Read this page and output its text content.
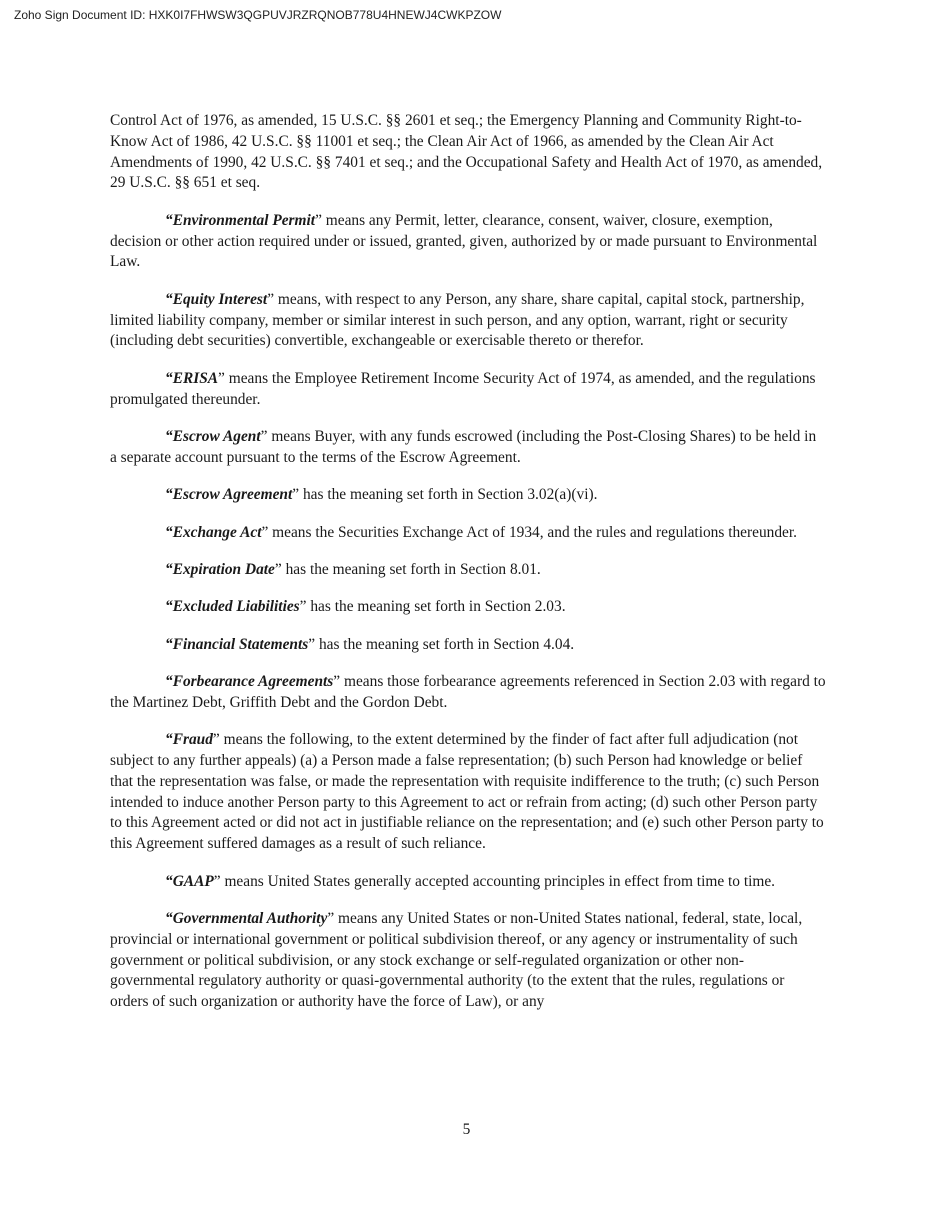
Zoho Sign Document ID: HXK0I7FHWSW3QGPUVJRZRQNOB778U4HNEWJ4CWKPZOW

Control Act of 1976, as amended, 15 U.S.C. §§ 2601 et seq.; the Emergency Planning and Community Right-to-Know Act of 1986, 42 U.S.C. §§ 11001 et seq.; the Clean Air Act of 1966, as amended by the Clean Air Act Amendments of 1990, 42 U.S.C. §§ 7401 et seq.; and the Occupational Safety and Health Act of 1970, as amended, 29 U.S.C. §§ 651 et seq.

“Environmental Permit” means any Permit, letter, clearance, consent, waiver, closure, exemption, decision or other action required under or issued, granted, given, authorized by or made pursuant to Environmental Law.

“Equity Interest” means, with respect to any Person, any share, share capital, capital stock, partnership, limited liability company, member or similar interest in such person, and any option, warrant, right or security (including debt securities) convertible, exchangeable or exercisable thereto or therefor.

“ERISA” means the Employee Retirement Income Security Act of 1974, as amended, and the regulations promulgated thereunder.

“Escrow Agent” means Buyer, with any funds escrowed (including the Post-Closing Shares) to be held in a separate account pursuant to the terms of the Escrow Agreement.

“Escrow Agreement” has the meaning set forth in Section 3.02(a)(vi).

“Exchange Act” means the Securities Exchange Act of 1934, and the rules and regulations thereunder.

“Expiration Date” has the meaning set forth in Section 8.01.

“Excluded Liabilities” has the meaning set forth in Section 2.03.

“Financial Statements” has the meaning set forth in Section 4.04.

“Forbearance Agreements” means those forbearance agreements referenced in Section 2.03 with regard to the Martinez Debt, Griffith Debt and the Gordon Debt.

“Fraud” means the following, to the extent determined by the finder of fact after full adjudication (not subject to any further appeals) (a) a Person made a false representation; (b) such Person had knowledge or belief that the representation was false, or made the representation with requisite indifference to the truth; (c) such Person intended to induce another Person party to this Agreement to act or refrain from acting; (d) such other Person party to this Agreement acted or did not act in justifiable reliance on the representation; and (e) such other Person party to this Agreement suffered damages as a result of such reliance.

“GAAP” means United States generally accepted accounting principles in effect from time to time.

“Governmental Authority” means any United States or non-United States national, federal, state, local, provincial or international government or political subdivision thereof, or any agency or instrumentality of such government or political subdivision, or any stock exchange or self-regulated organization or other non-governmental regulatory authority or quasi-governmental authority (to the extent that the rules, regulations or orders of such organization or authority have the force of Law), or any

5
